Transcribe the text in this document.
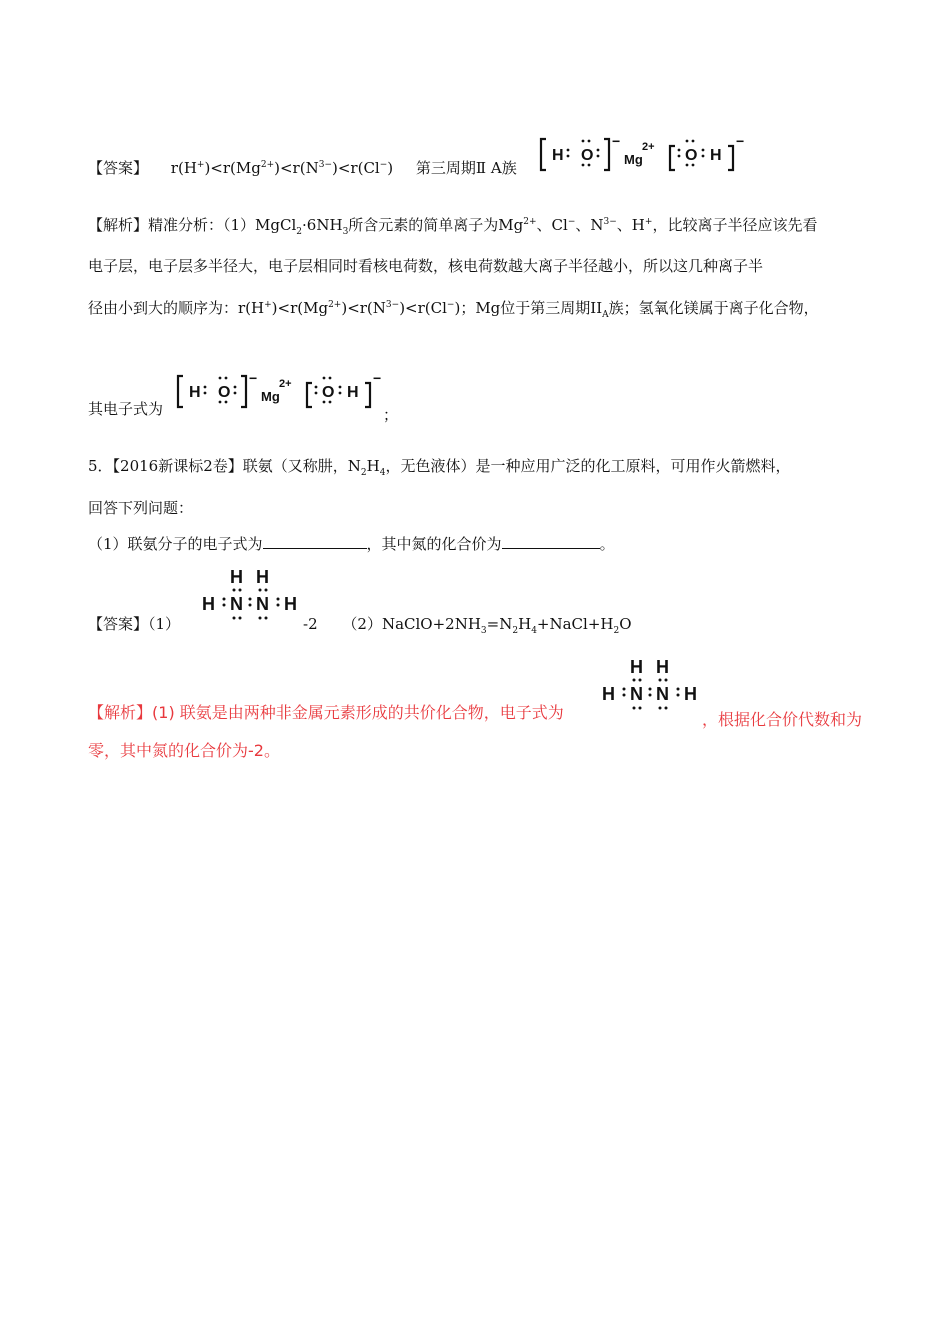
【答案】 $r(H^+)<r(Mg^{2+})<r(N^{3-})<r(Cl^-)$ 第三周期Ⅱ A族
H O Mg
2+ O H
−	−
【解析】精准分析：$(1)MgCl_2\cdot 6NH_3$所含元素的简单离子为$Mg^{2+}$、Cl−、$N^{3-}$、H+，比较离子半径应该先看
电子层，电子层多半径大，电子层相同时看核电荷数，核电荷数越大离子半径越小，所以这几种离子半
径由小到大的顺序为：$r(H^+)<r(Mg^{2+})<r(N^{3-})<r(Cl^-)$；Mg位于第三周期$II_A$族；氢氧化镁属于离子化合物，
其电子式为
H O Mg
2+ O H
−	−
；
5．【2016新课标2卷】联氨（又称肼，$N_2H_4$，无色液体）是一种应用广泛的化工原料，可用作火箭燃料，
回答下列问题：
（1）联氨分子的电子式为	，其中氮的化合价为	。
【答案】（1）
H H
H N N H
-2 $(2)NaClO+2NH_3=N_2H_4+NaCl+H_2O$
【解析】(1) 联氨是由两种非金属元素形成的共价化合物，电子式为
H H
H N N H
，根据化合价代数和为
零，其中氮的化合价为-2。
